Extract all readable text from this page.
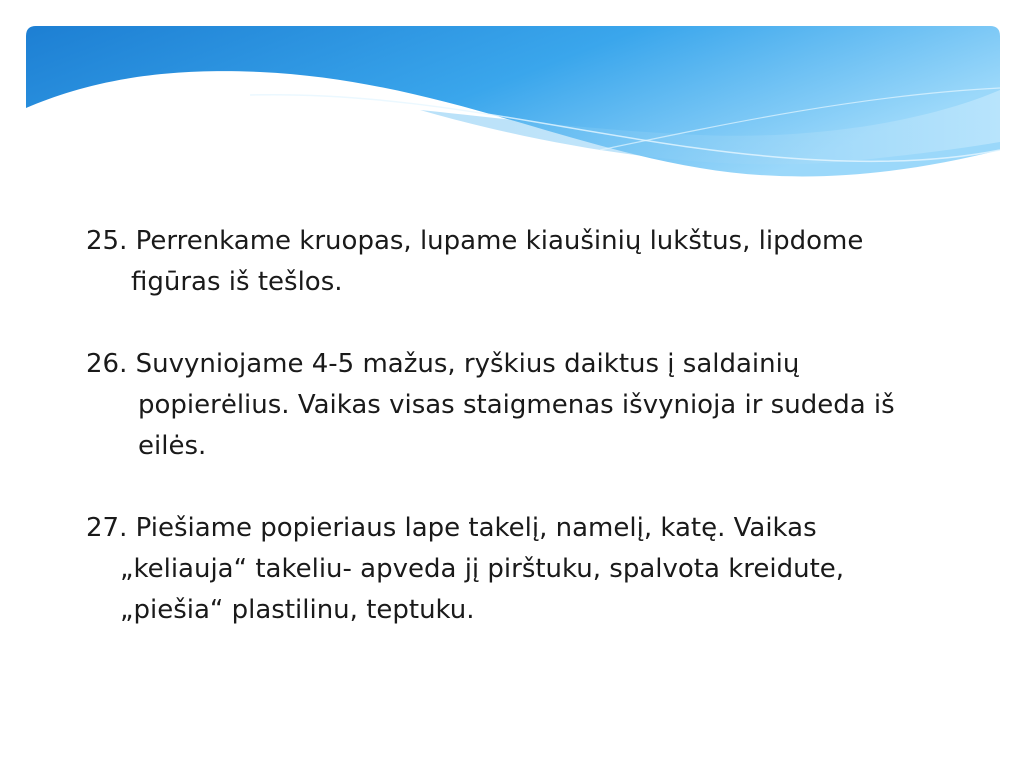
25. Perrenkame kruopas, lupame kiaušinių lukštus, lipdome
figūras iš tešlos.

26. Suvyniojame 4-5 mažus, ryškius daiktus į saldainių
popierėlius. Vaikas visas staigmenas išvynioja ir sudeda iš
eilės.

27. Piešiame popieriaus lape takelį, namelį, katę. Vaikas
„keliauja“ takeliu- apveda jį pirštuku, spalvota kreidute,
„piešia“ plastilinu, teptuku.
